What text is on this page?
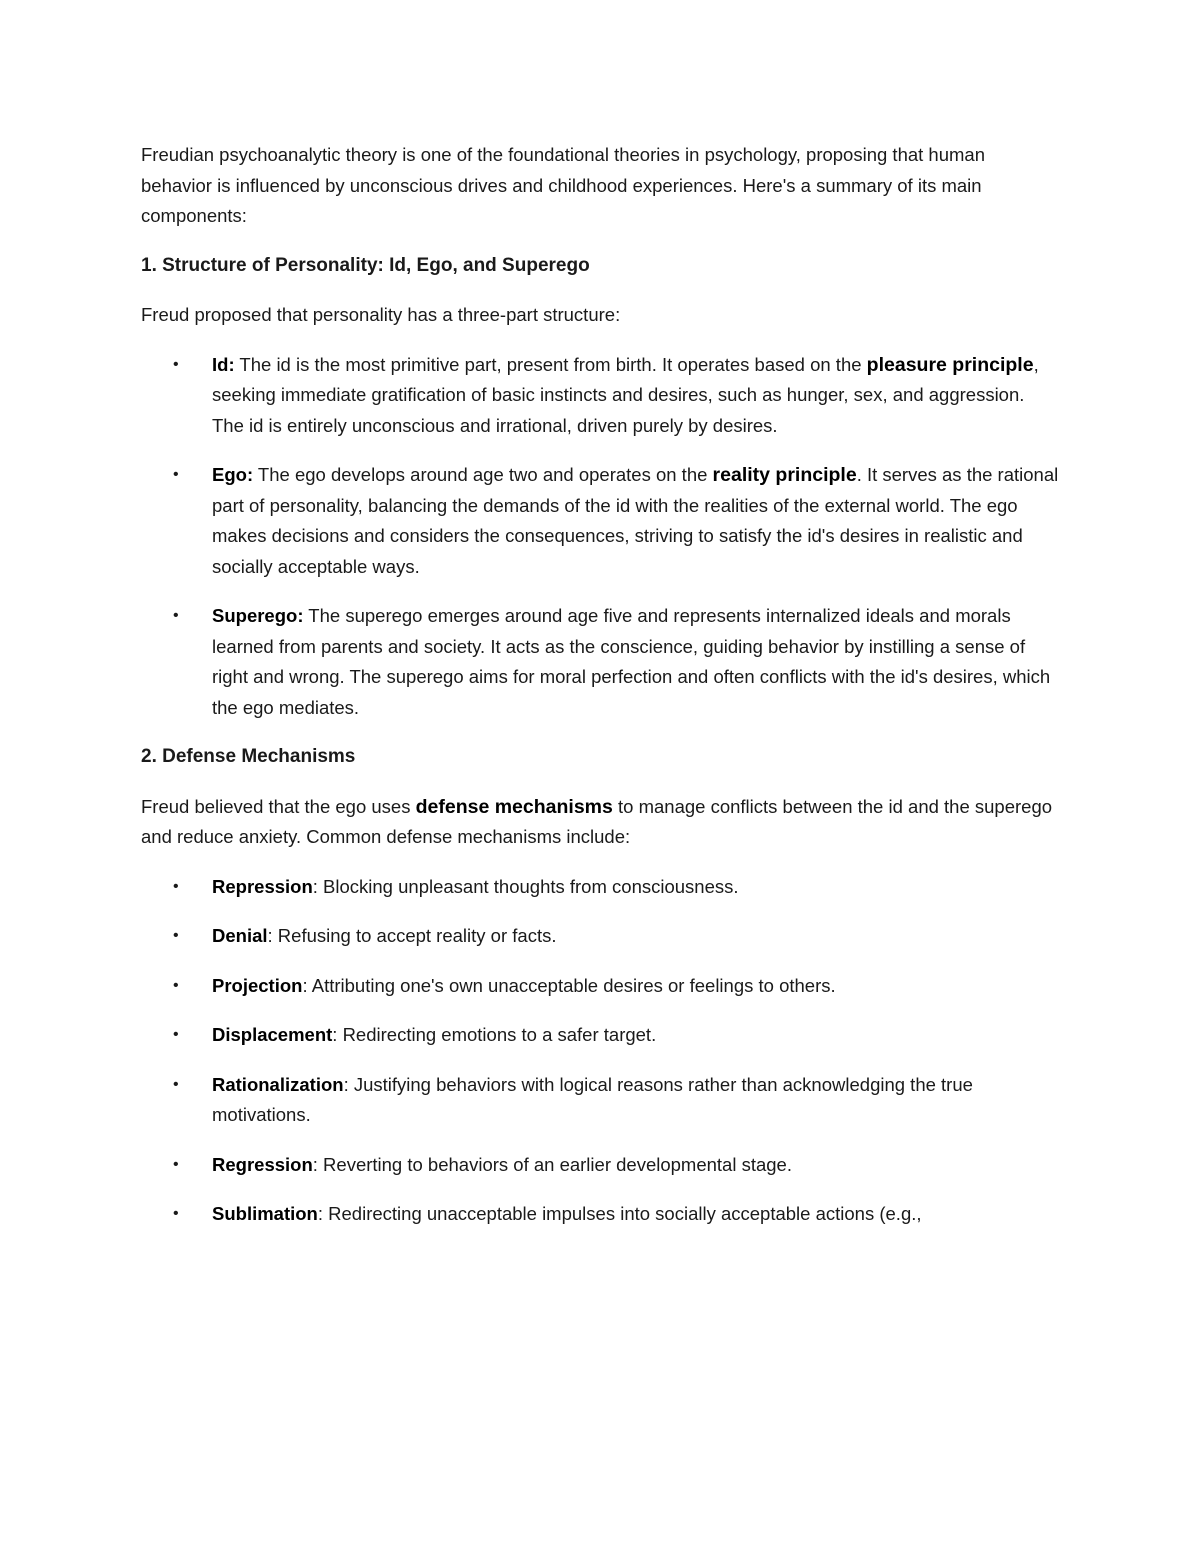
Freudian psychoanalytic theory is one of the foundational theories in psychology, proposing that human behavior is influenced by unconscious drives and childhood experiences. Here's a summary of its main components:

1. Structure of Personality: Id, Ego, and Superego

Freud proposed that personality has a three-part structure:

• Id: The id is the most primitive part, present from birth. It operates based on the pleasure principle, seeking immediate gratification of basic instincts and desires, such as hunger, sex, and aggression. The id is entirely unconscious and irrational, driven purely by desires.
• Ego: The ego develops around age two and operates on the reality principle. It serves as the rational part of personality, balancing the demands of the id with the realities of the external world. The ego makes decisions and considers the consequences, striving to satisfy the id's desires in realistic and socially acceptable ways.
• Superego: The superego emerges around age five and represents internalized ideals and morals learned from parents and society. It acts as the conscience, guiding behavior by instilling a sense of right and wrong. The superego aims for moral perfection and often conflicts with the id's desires, which the ego mediates.
2. Defense Mechanisms

Freud believed that the ego uses defense mechanisms to manage conflicts between the id and the superego and reduce anxiety. Common defense mechanisms include:

• Repression: Blocking unpleasant thoughts from consciousness.
• Denial: Refusing to accept reality or facts.
• Projection: Attributing one's own unacceptable desires or feelings to others.
• Displacement: Redirecting emotions to a safer target.
• Rationalization: Justifying behaviors with logical reasons rather than acknowledging the true motivations.
• Regression: Reverting to behaviors of an earlier developmental stage.
• Sublimation: Redirecting unacceptable impulses into socially acceptable actions (e.g.,
